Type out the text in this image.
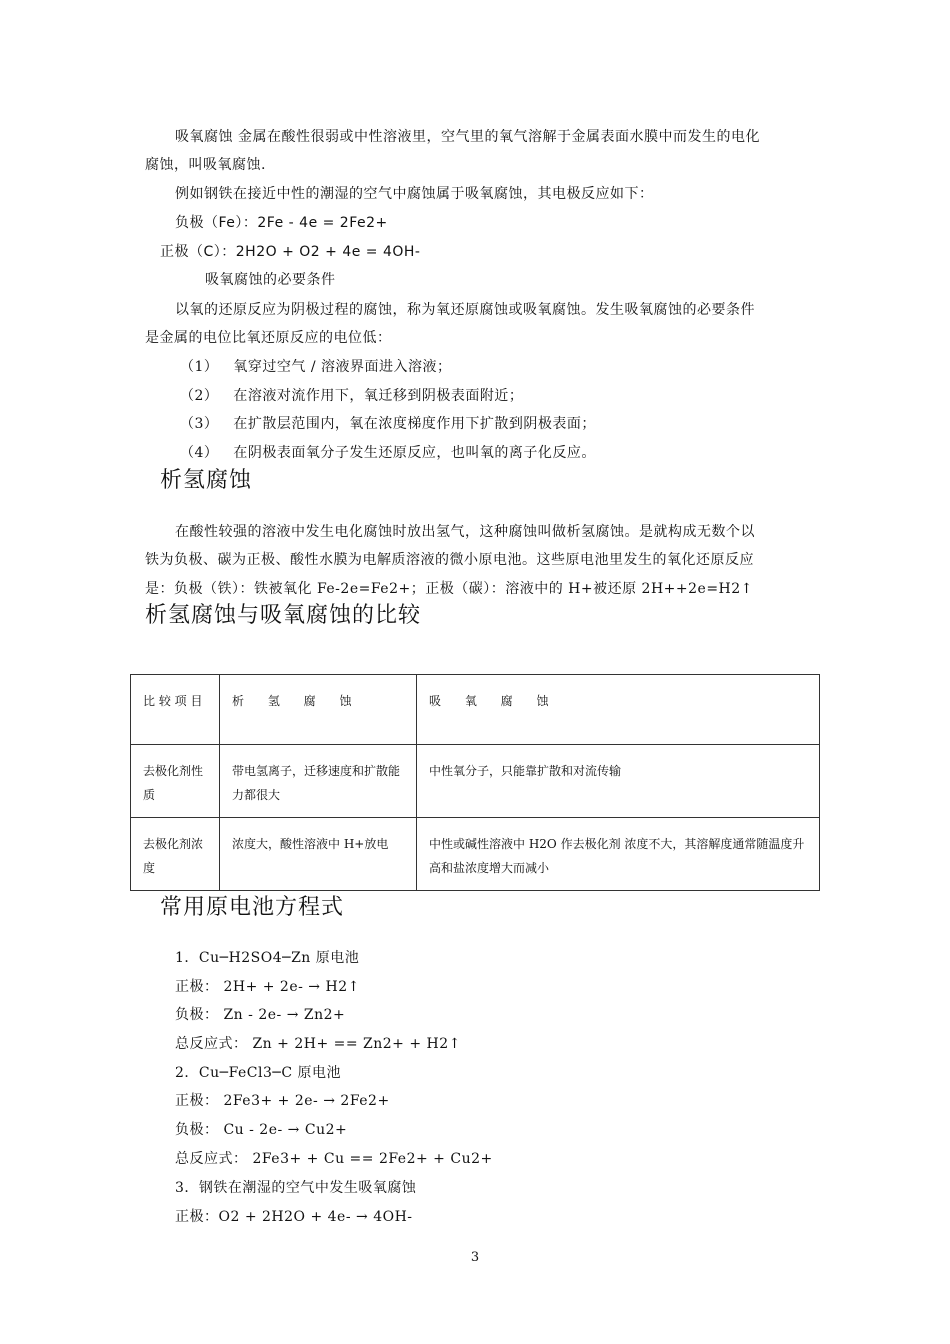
吸氧腐蚀 金属在酸性很弱或中性溶液里，空气里的氧气溶解于金属表面水膜中而发生的电化
腐蚀，叫吸氧腐蚀.
例如钢铁在接近中性的潮湿的空气中腐蚀属于吸氧腐蚀，其电极反应如下：
负极（Fe）：2Fe - 4e = 2Fe2+
正极（C）：2H2O + O2 + 4e = 4OH-
吸氧腐蚀的必要条件
以氧的还原反应为阴极过程的腐蚀，称为氧还原腐蚀或吸氧腐蚀。发生吸氧腐蚀的必要条件
是金属的电位比氧还原反应的电位低：
（1） 氧穿过空气 / 溶液界面进入溶液；
（2） 在溶液对流作用下，氧迁移到阴极表面附近；
（3） 在扩散层范围内，氧在浓度梯度作用下扩散到阴极表面；
（4） 在阴极表面氧分子发生还原反应，也叫氧的离子化反应。
析氢腐蚀
在酸性较强的溶液中发生电化腐蚀时放出氢气，这种腐蚀叫做析氢腐蚀。是就构成无数个以
铁为负极、碳为正极、酸性水膜为电解质溶液的微小原电池。这些原电池里发生的氧化还原反应
是：负极（铁）：铁被氧化 Fe-2e=Fe2+；正极（碳）：溶液中的 H+被还原 2H++2e=H2↑
析氢腐蚀与吸氧腐蚀的比较
比 较 项 目	析 氢 腐 蚀	吸 氧 腐 蚀
去极化剂性质	带电氢离子，迁移速度和扩散能力都很大	中性氧分子，只能靠扩散和对流传输
去极化剂浓度	浓度大，酸性溶液中 H+放电	中性或碱性溶液中 H2O 作去极化剂 浓度不大，其溶解度通常随温度升高和盐浓度增大而减小
常用原电池方程式
1．Cu─H2SO4─Zn 原电池
正极： 2H+ + 2e- → H2↑
负极： Zn - 2e- → Zn2+
总反应式： Zn + 2H+ == Zn2+ + H2↑
2．Cu─FeCl3─C 原电池
正极： 2Fe3+ + 2e- → 2Fe2+
负极： Cu - 2e- → Cu2+
总反应式： 2Fe3+ + Cu == 2Fe2+ + Cu2+
3．钢铁在潮湿的空气中发生吸氧腐蚀
正极：O2 + 2H2O + 4e- → 4OH-
3
